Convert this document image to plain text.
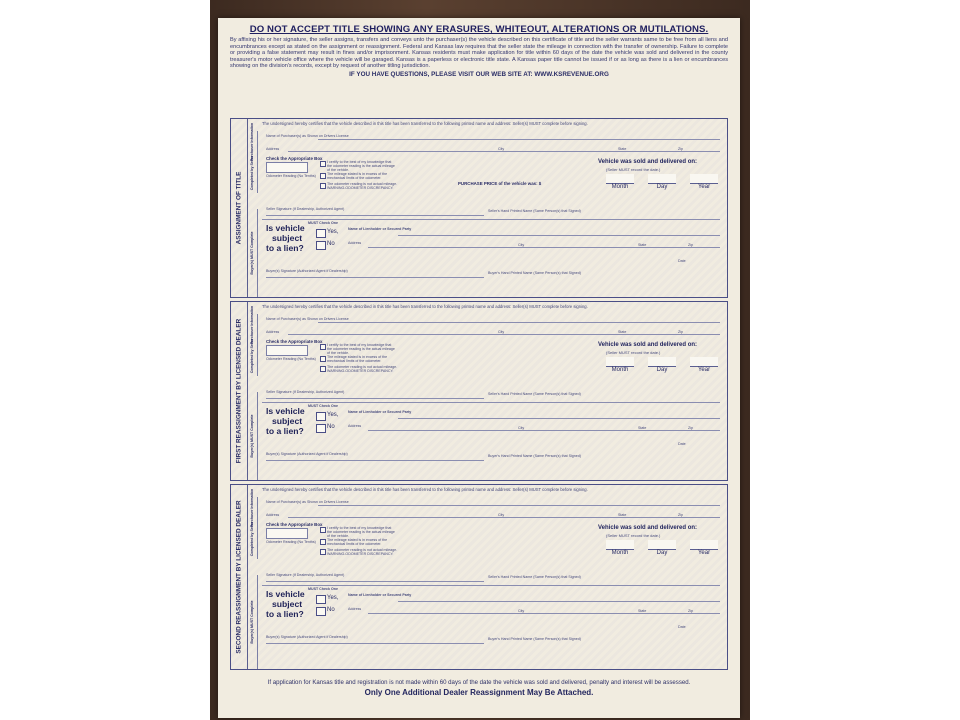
DO NOT ACCEPT TITLE SHOWING ANY ERASURES, WHITEOUT, ALTERATIONS OR MUTILATIONS.
By affixing his or her signature, the seller assigns, transfers and conveys unto the purchaser(s) the vehicle described on this certificate of title and the seller warrants same to be free from all liens and encumbrances except as stated on the assignment or reassignment. Federal and Kansas law requires that the seller state the mileage in connection with the transfer of ownership. Failure to complete or providing a false statement may result in fines and/or imprisonment. Kansas residents must make application for title within 60 days of the date the vehicle was sold and delivered in the county treasurer's motor vehicle office where the vehicle will be garaged. Kansas is a paperless or electronic title state. A Kansas paper title cannot be issued if or as long as there is a lien or encumbrances showing on the division's records, except by request of another titling jurisdiction.
IF YOU HAVE QUESTIONS, PLEASE VISIT OUR WEB SITE AT: WWW.KSREVENUE.ORG
ASSIGNMENT OF TITLE
Purchaser Information
Completed by Seller
Buyer(s) MUST Complete
The undersigned hereby certifies that the vehicle described in this title has been transferred to the following printed name and address: Seller(s) MUST complete before signing.
Name of Purchaser(s) as Shown on Drivers License
Address	City	State	Zip
Check the Appropriate Box
Odometer Reading (No Tenths)
I certify to the best of my knowledge that the odometer reading is the actual mileage of the vehicle.
The mileage stated is in excess of the mechanical limits of the odometer.
The odometer reading is not actual mileage. WARNING-ODOMETER DISCREPANCY.
PURCHASE PRICE of the vehicle was: $
Vehicle was sold and delivered on:
(Seller MUST record the date.)
Month	Day	Year
Seller Signature (If Dealership, Authorized Agent)	Seller's Hand Printed Name (Same Person(s) that Signed)
MUST Check One
Is vehicle
subject
to a lien?
Yes,
No
Name of Lienholder or Secured Party
Address	City	State	Zip
Buyer(s) Signature (Authorized Agent if Dealership)	Buyer's Hand Printed Name (Same Person(s) that Signed)
Date
FIRST REASSIGNMENT BY LICENSED DEALER Purchaser Information
Completed by Seller
Buyer(s) MUST Complete
The undersigned hereby certifies that the vehicle described in this title has been transferred to the following printed name and address: Seller(s) MUST complete before signing.
Name of Purchaser(s) as Shown on Drivers License
Address	City	State	Zip
Check the Appropriate Box
Odometer Reading (No Tenths)
I certify to the best of my knowledge that the odometer reading is the actual mileage of the vehicle.
The mileage stated is in excess of the mechanical limits of the odometer.
The odometer reading is not actual mileage. WARNING-ODOMETER DISCREPANCY.
Vehicle was sold and delivered on:
(Seller MUST record the date.)
Month	Day	Year
Seller Signature (If Dealership, Authorized Agent)	Seller's Hand Printed Name (Same Person(s) that Signed)
MUST Check One
Is vehicle
subject
to a lien?
Yes,
No
Name of Lienholder or Secured Party
Address	City	State	Zip
Buyer(s) Signature (Authorized Agent if Dealership)	Buyer's Hand Printed Name (Same Person(s) that Signed)
Date
SECOND REASSIGNMENT BY LICENSED DEALER Purchaser Information
Completed by Seller
Buyer(s) MUST Complete
The undersigned hereby certifies that the vehicle described in this title has been transferred to the following printed name and address: Seller(s) MUST complete before signing.
Name of Purchaser(s) as Shown on Drivers License
Address	City	State	Zip
Check the Appropriate Box
Odometer Reading (No Tenths)
I certify to the best of my knowledge that the odometer reading is the actual mileage of the vehicle.
The mileage stated is in excess of the mechanical limits of the odometer.
The odometer reading is not actual mileage. WARNING-ODOMETER DISCREPANCY.
Vehicle was sold and delivered on:
(Seller MUST record the date.)
Month	Day	Year
Seller Signature (If Dealership, Authorized Agent)	Seller's Hand Printed Name (Same Person(s) that Signed)
MUST Check One
Is vehicle
subject
to a lien?
Yes,
No
Name of Lienholder or Secured Party
Address	City	State	Zip
Buyer(s) Signature (Authorized Agent if Dealership)	Buyer's Hand Printed Name (Same Person(s) that Signed)
Date
If application for Kansas title and registration is not made within 60 days of the date the vehicle was sold and delivered, penalty and interest will be assessed.
Only One Additional Dealer Reassignment May Be Attached.
